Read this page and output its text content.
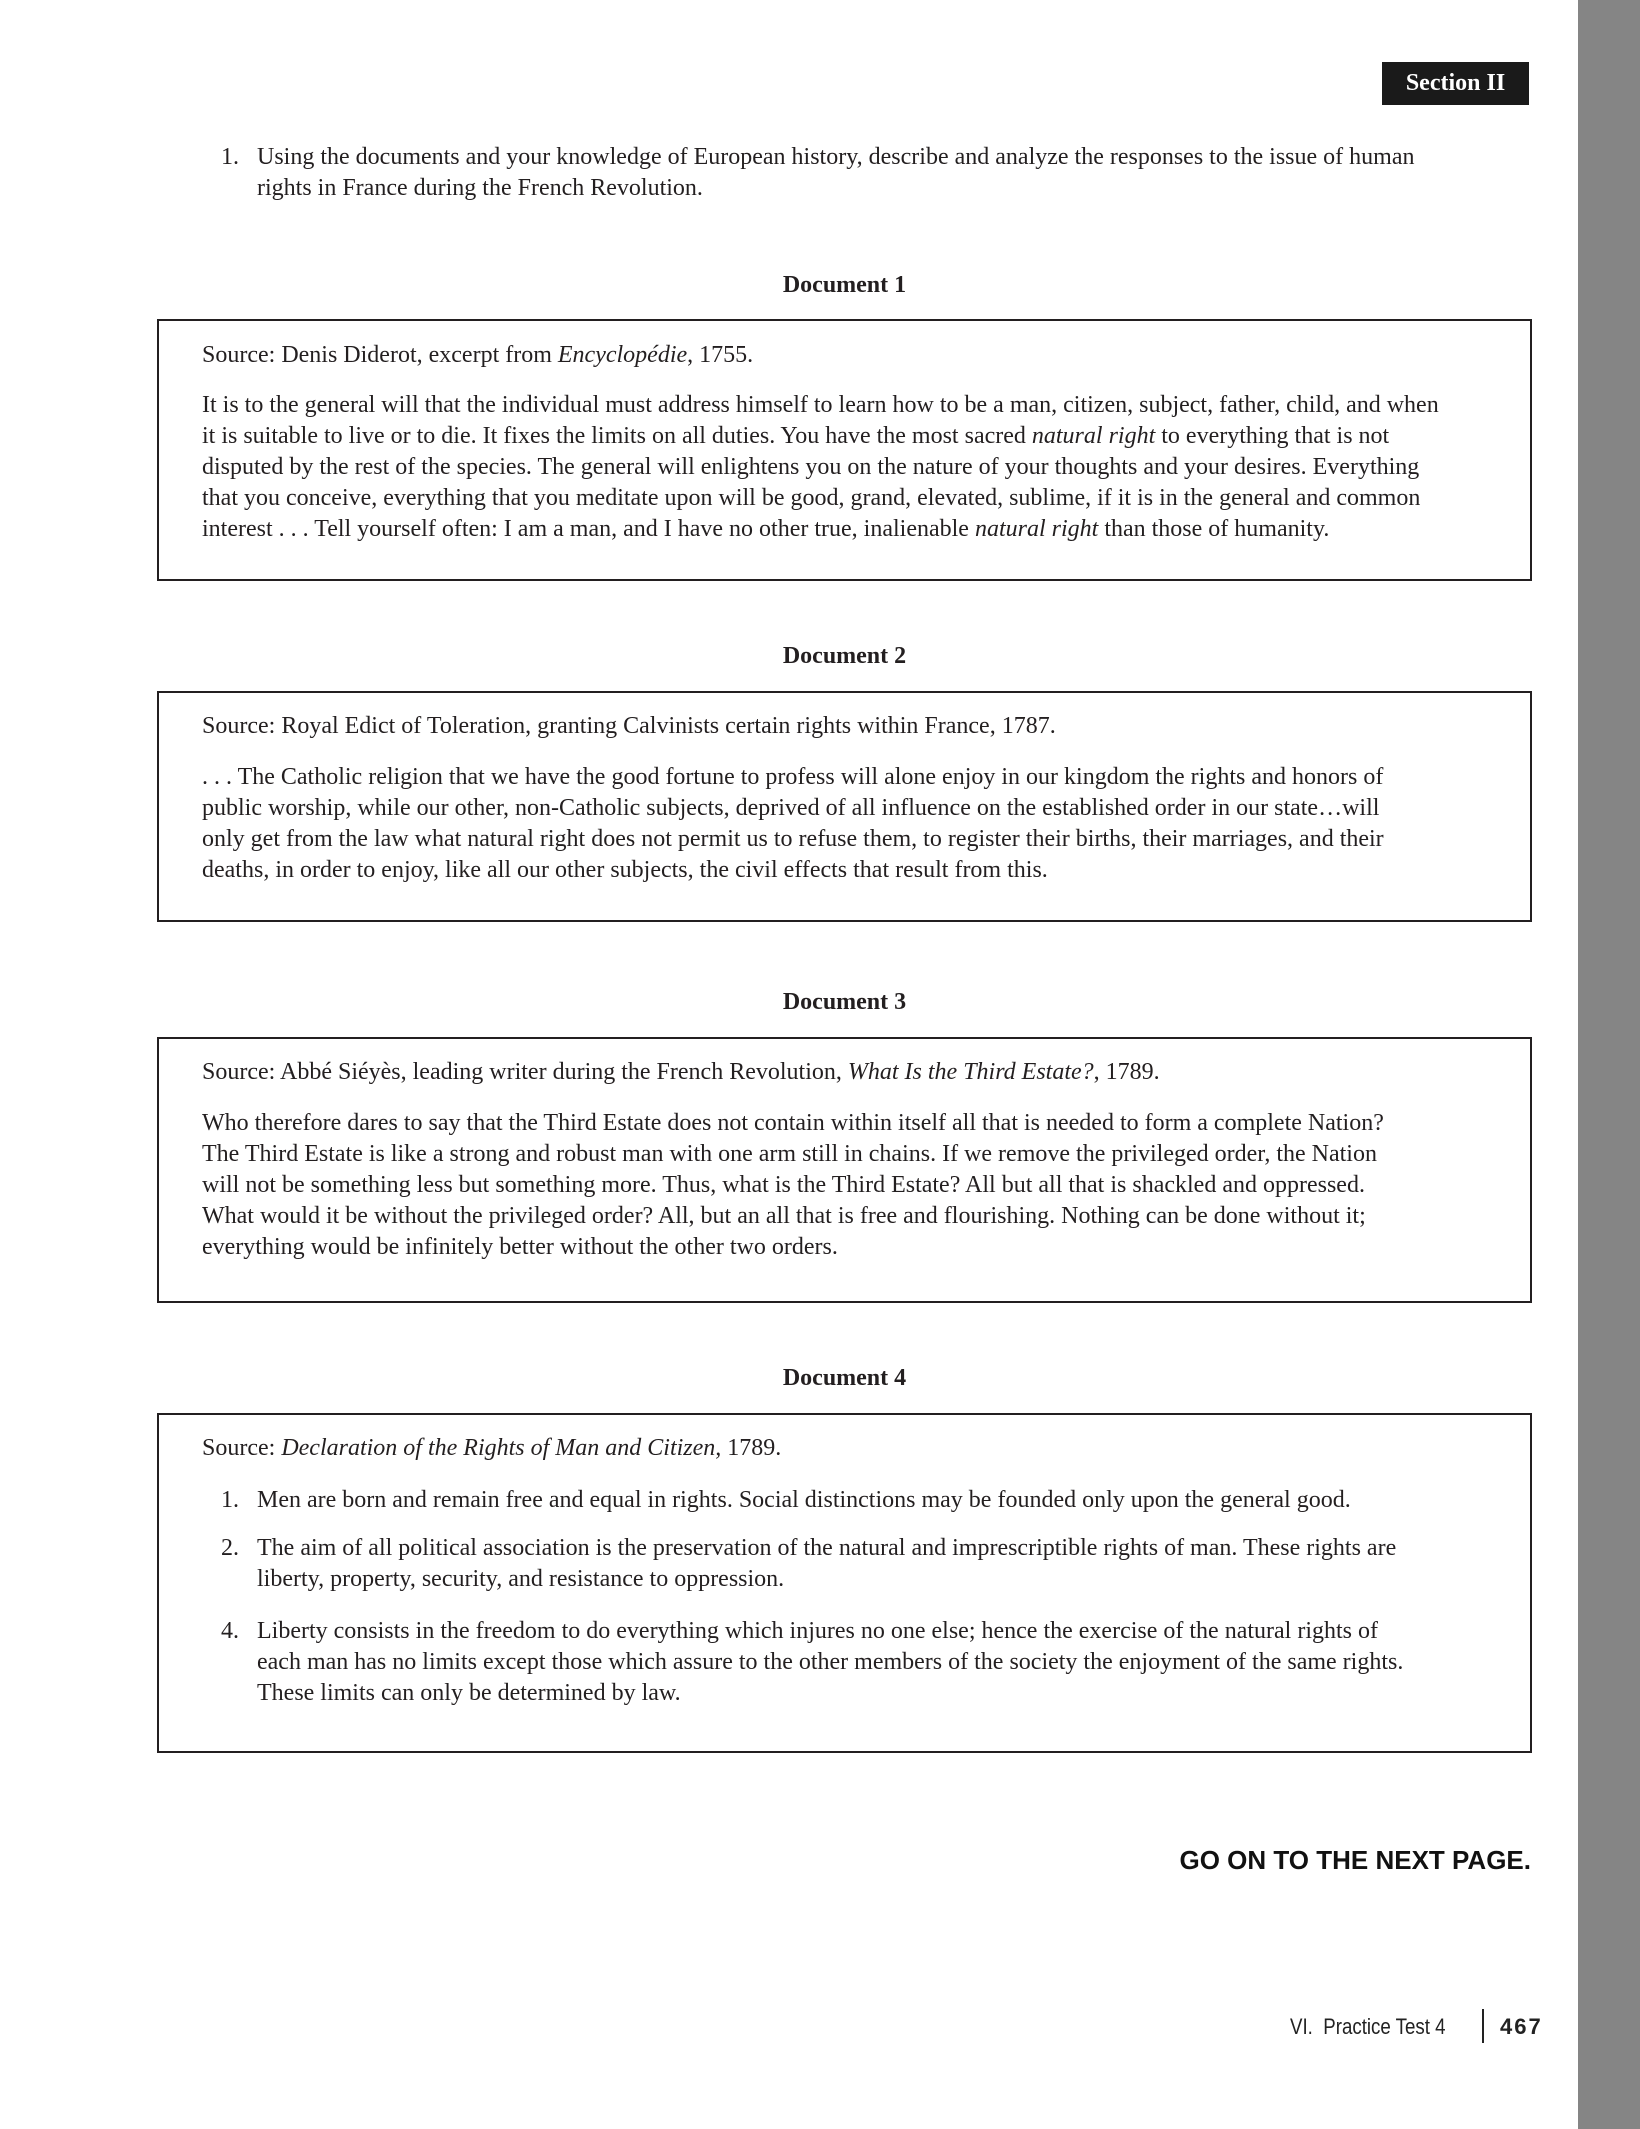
Section II
1. Using the documents and your knowledge of European history, describe and analyze the responses to the issue of human
rights in France during the French Revolution.
Document 1
Source: Denis Diderot, excerpt from Encyclopédie, 1755.
It is to the general will that the individual must address himself to learn how to be a man, citizen, subject, father, child, and when
it is suitable to live or to die. It fixes the limits on all duties. You have the most sacred natural right to everything that is not
disputed by the rest of the species. The general will enlightens you on the nature of your thoughts and your desires. Everything
that you conceive, everything that you meditate upon will be good, grand, elevated, sublime, if it is in the general and common
interest . . . Tell yourself often: I am a man, and I have no other true, inalienable natural right than those of humanity.
Document 2
Source: Royal Edict of Toleration, granting Calvinists certain rights within France, 1787.
. . . The Catholic religion that we have the good fortune to profess will alone enjoy in our kingdom the rights and honors of
public worship, while our other, non-Catholic subjects, deprived of all influence on the established order in our state…will
only get from the law what natural right does not permit us to refuse them, to register their births, their marriages, and their
deaths, in order to enjoy, like all our other subjects, the civil effects that result from this.
Document 3
Source: Abbé Siéyès, leading writer during the French Revolution, What Is the Third Estate?, 1789.
Who therefore dares to say that the Third Estate does not contain within itself all that is needed to form a complete Nation?
The Third Estate is like a strong and robust man with one arm still in chains. If we remove the privileged order, the Nation
will not be something less but something more. Thus, what is the Third Estate? All but all that is shackled and oppressed.
What would it be without the privileged order? All, but an all that is free and flourishing. Nothing can be done without it;
everything would be infinitely better without the other two orders.
Document 4
Source: Declaration of the Rights of Man and Citizen, 1789.
1. Men are born and remain free and equal in rights. Social distinctions may be founded only upon the general good.
2. The aim of all political association is the preservation of the natural and imprescriptible rights of man. These rights are
liberty, property, security, and resistance to oppression.
4. Liberty consists in the freedom to do everything which injures no one else; hence the exercise of the natural rights of
each man has no limits except those which assure to the other members of the society the enjoyment of the same rights.
These limits can only be determined by law.
GO ON TO THE NEXT PAGE.
VI.  Practice Test 4 467
